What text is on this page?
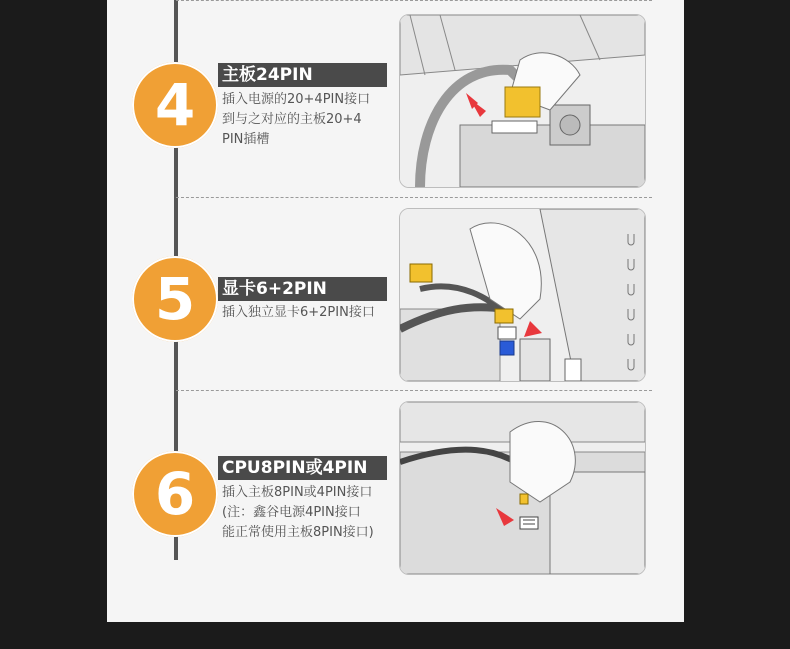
4 主板24PIN
插入电源的20+4PIN接口
到与之对应的主板20+4
PIN插槽
5 显卡6+2PIN
插入独立显卡6+2PIN接口
6 CPU8PIN或4PIN
插入主板8PIN或4PIN接口
(注：鑫谷电源4PIN接口
能正常使用主板8PIN接口)
